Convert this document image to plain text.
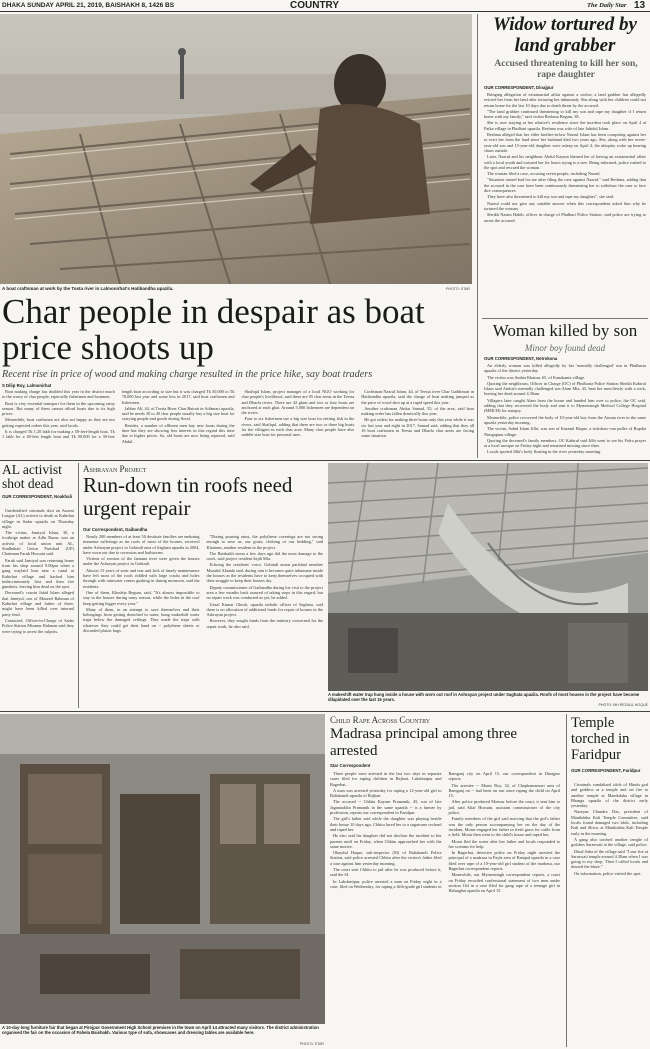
DHAKA SUNDAY APRIL 21, 2019, BAISHAKH 8, 1426 BS	COUNTRY	The Daily Star 13
A boat craftsman at work by the Tosta river in Lalmonirhat's Hatibandha upazila.	PHOTO: STAR
Char people in despair as boat price shoots up
Recent rise in price of wood and making charge resulted in the price hike, say boat traders
S Dilip Roy, Lalmonirhat

Boat making charge has doubled this year in the district much to the worry of char people, especially fishermen and boatmen.

Boat is very essential transport for them in the upcoming rainy season. But many of them cannot afford boats due to its high prices.

Meanwhile, boat craftsmen are also not happy as they are not getting expected orders this year, said locals.

It is charged Tk 1.20 lakh for making a 50-feet-length boat, Tk 1 lakh for a 40-feet length boat and Tk 90,000 for a 30-feet length boat according to size but it was charged Tk 50,000 to Tk 70,000 last year and some less in 2017, said boat craftsmen and fishermen.

Jabbar Ali, 44, of Torsta River Char Bairati in Aditmari upazila, said he needs 30 to 40 char people usually buy a big size boat for carrying people and goods during flood.

Besides, a number of affluent men buy new boats during the time but they are showing less interest in this regard this time due to higher prices. So, old boats are now being repaired, said Abdul.

Shafiqul Islam, project manager of a local NGO working for char people's livelihood, said there are 95 char areas in the Teesta and Dharla rivers. There are 42 ghats and two or four boats are anchored at each ghat. Around 5,000 fishermen are dependent on the rivers.

Four to six fishermen use a big size boat for netting fish in the rivers, said Shafiqul, adding that there are two or three big boats for the villagers in each char area. Many char people have also middle size boat for personal uses.

Craftsman Nazrul Islam, 44, of Teesta river Char Gaddimari in Hatibandha upazila, said the charge of boat making jumped as the price of wood shot up at a rapid speed this year.

Another craftsman Abdus Samad, 55, of the area, said boat making order has fallen drastically this year.

He got orders for making three boats only this year while it was six last year and eight in 2017, Samad said, adding that they all 16 boat craftsmen in Teesta and Dharla char areas are facing same situation.

Widow tortured by land grabber
Accused threatening to kill her son, rape daughter
OUR CORRESPONDENT, Dinajpur

Bringing allegation of extramarital affair against a widow, a land grabber has allegedly evicted her from her land after torturing her inhumanly. She along with her children could not return home for the last 10 days due to death threat by the accused.

"The land grabber continued threatening to kill my son and rape my daughter if I return home with my family," said victim Reshma Begum, 38.

She is now staying at her relative's residence since the incident took place on April 4 at Patka village in Phulbari upazila. Reshma was wife of late Jahidul Islam.

Reshma alleged that her elder brother-in-law Nazrul Islam has been conspiring against her to evict her from the land since her husband died two years ago. She, along with her seven-year-old son and 15-year-old daughter were asleep on April 4, the ubiquity woke up hearing chaos outside.

Later, Nazrul and his neighbour Abdul Kayum blamed her of having an extramarital affair with a local youth and tortured her for hours trying to a tree. Being informed, police rushed to the spot and rescued the woman.

The woman filed a case, accusing seven people, including Nazrul.

"Situation turned bad for me after filing the case against Nazrul," said Reshma, adding that the accused in the case have been continuously threatening her to withdraw the case or face dire consequences.

They have also threatened to kill my son and rape my daughter", she said.

Nazrul could not give any suitable answer when this correspondent asked him why he tortured the woman.

Sheikh Nasim Habib, officer in charge of Phulbari Police Station, said police are trying to arrest the accused.

Woman killed by son
Minor boy found dead
OUR CORRESPONDENT, Netrokona

An elderly woman was killed allegedly by her 'mentally challenged' son in Phulbaria upazila of the district yesterday.

The victim was Ambia Khatun, 65, of Kanakania village.

Quoting the neighbours, Officer in Charge (OC) of Phulbaria Police Station Sheikh Kabirul Islam said Ambia's mentally challenged son Alam Mia, 45, beat her mercilessly with a stick, leaving her dead around 4.30am.

Villagers later caught Alam from the house and handed him over to police, the OC said, adding that they recovered the body and sent it to Mymensingh Medical College Hospital (MMCH) for autopsy.

Meanwhile, police recovered the body of 10-year-old boy from the Arman river in the same upazila yesterday morning.

The victim, Sahid Islam Jilhi, was son of Enamul Haque, a rickshaw-van puller of Rupdia Nimgapura village.

Quoting the deceased's family members, OC Kabirul said Jilhi went to see his Fafru prayer at a local mosque on Friday night and remained missing since then.

Locals spotted Jilhi's body floating in the river yesterday morning.

AL activist shot dead
OUR CORRESPONDENT, Noakhali

Unidentified criminals shot an Awami League (AL) activist to death at Kabirhat village in Sadar upazila on Thursday night.

The victim, Jamiyul Islam, 30, a footbrige maker at Adlu Bazar, was an activist of local union unit AL, Sindhuhati Union Parishad (UP) Chairman Faruk Hossain said.

Faruk said Jamiyul was returning home from his shop around 9.00pm when a gang waylaid him near a canal at Kabirhat village and hacked him indiscriminately first and then fire gunshots, leaving him dead on the spot.

Deceased's cousin Jahid Islam alleged that Jamiyul, son of Mazzed Rahman of Kabirhat village and father of three, might have been killed over internal party feud.

Contacted, Officer-in-Charge of Sadar Police Station Mizanur Rahman said they were trying to arrest the culprits.

Ashrayan Project
Run-down tin roofs need urgent repair
Our Correspondent, Gaibandha

Nearly 200 members of at least 50 destitute families are enduring immense sufferings as tin roofs of most of the houses, received under Ashrayan project in Gobindi area of Saghata upazila in 2004, have worn out due to corrosion and hailstorms.

Victims of erosion of the Jamuna river were given the houses under the Ashrayan project in Gobindi.

Almost 15 years of wear and tear and lack of timely maintenance have left most of the roofs riddled with large cracks and holes through with rainwater comes gushing in during monsoon, said the residents.

One of them, Khodeja Begum, said, "It's almost impossible to stay in the houses during rainy season, while the holes in the roof keep getting bigger every year."

Many of them, in an attempt to save themselves and their belongings from getting drenched in water, hung makeshift water traps below the damaged ceilings. They made the traps with whatever they could get their hand on -- polythene sheets or discarded plastic bags.

"During pouring rains, the polythene coverings are not strong enough to save us, our goats, clothing or our bedding," said Khairam, another resident in the project.

The Baishakh storm a few days ago did the most damage to the roofs, said project resident Sajib Mia.

Echoing the residents' voice, Gobindi union parishad member Muniful Akanda said, during rain it becomes quite inhumane inside the houses as the residents have to keep themselves occupied with their struggle to keep their houses dry.

Deputy commissioner of Gaibandha during his visit to the project area a few months back assured of taking steps in this regard, but no repair work was conducted as yet, he added.

Uzzal Kumar Ghosh, upazila nirbahi officer of Saghata, said there is no allocation of additional funds for repair of houses in the Ashrayan project.

However, they sought funds from the ministry concerned for the repair work, he also said.

A makeshift water trap hung inside a house with worn out roof in Ashrayan project under Saghata upazila. Roofs of most houses in the project have become dilapidated over the last 15 years.
PHOTO: MH REZAUL HOQUE
A 10-day-long furniture fair that began at Pirojpur Government High School premises in the town on April 14 attracted many visitors. The district administration organised the fair on the occasion of Pahela Baishakh. Various type of sofa, showcases and dressing tables are available here.
PHOTO: STAR
Child Rape Across Country
Madrasa principal among three arrested
Star Correspondent

Three people were arrested in the last two days in separate cases filed for raping children in Rajbari, Lakshmipur and Bagerhat.

A man was arrested yesterday for raping a 12-year-old girl in Baliakandi upazila of Rajbari.

The accused -- Chhitu Kayum Pramanik, 45, son of late Jaganiuddin Pramanik in the same upazila -- is a farmer by profession, reports our correspondent in Faridpur.

The girl's father said while the daughter was playing beside their house 10 days ago, Chhitu lured her to a sugarcane orchard and raped her.

He also said his daughter did not disclose the incident to her parents until on Friday, when Chhitu approached her with the same motive.

Obaydul Haque, sub-inspector (SI) of Baliakandi Police Station, said police arrested Chhitu after the victim's father filed a case against him yesterday morning.

The court sent Chhitu to jail after he was produced before it, said the SI.

In Lakshmipur, police arrested a man on Friday night in a case, filed on Wednesday, for raping a fifth-grade girl students in Ramganj city on April 15, our correspondent in Dinajpur reports.

The arrestee -- Monir Roy, 32, of Chaphamansari area of Ramganj on -- had been on run since raping the child on April 15.

After police produced Monsur before the court, it sent him to jail, said Altaf Hossain, assistant commissioner of the city police.

Family members of the girl said noticing that the girl's father was the only person accompanying her on the day of the incident, Monir engaged her father in fresh grass for cattle from a field. Monir then went to the child's house and raped her.

Monir fled the scene after her father and locals responded to her screams for help.

In Bagerhat, detective police on Friday night arrested the principal of a madrasa in Fayla area of Rampal upazila in a case filed over rape of a 10-year-old girl student of the madrasa, our Bagerhat correspondent reports.

Meanwhile, our Mymensingh correspondent reports, a court on Friday recorded confessional statement of two men under section 164 in a case filed for gang rape of a teenage girl in Haluaghat upazila on April 15.

Temple torched in Faridpur
OUR CORRESPONDENT, Faridpur

Criminals vandalised idols of Hindu god and goddess at a temple and set fire to another temple at Manikdaha village in Bhanga upazila of the district early yesterday.

Narayan Chandra Das, president of Manikdaha Kali Temple Committee, said locals found damaged two idols, including Kali and Shiva, at Manikdaha Kali Temple early in the morning.

A gang also torched another temple of goddess Saraswati at the village, said police.

Dinal Saha of the village said "I saw fire at Saraswati temple around 4.30am when I was going to my shop. Then I called locals and doused the blaze."

On information, police visited the spot.
